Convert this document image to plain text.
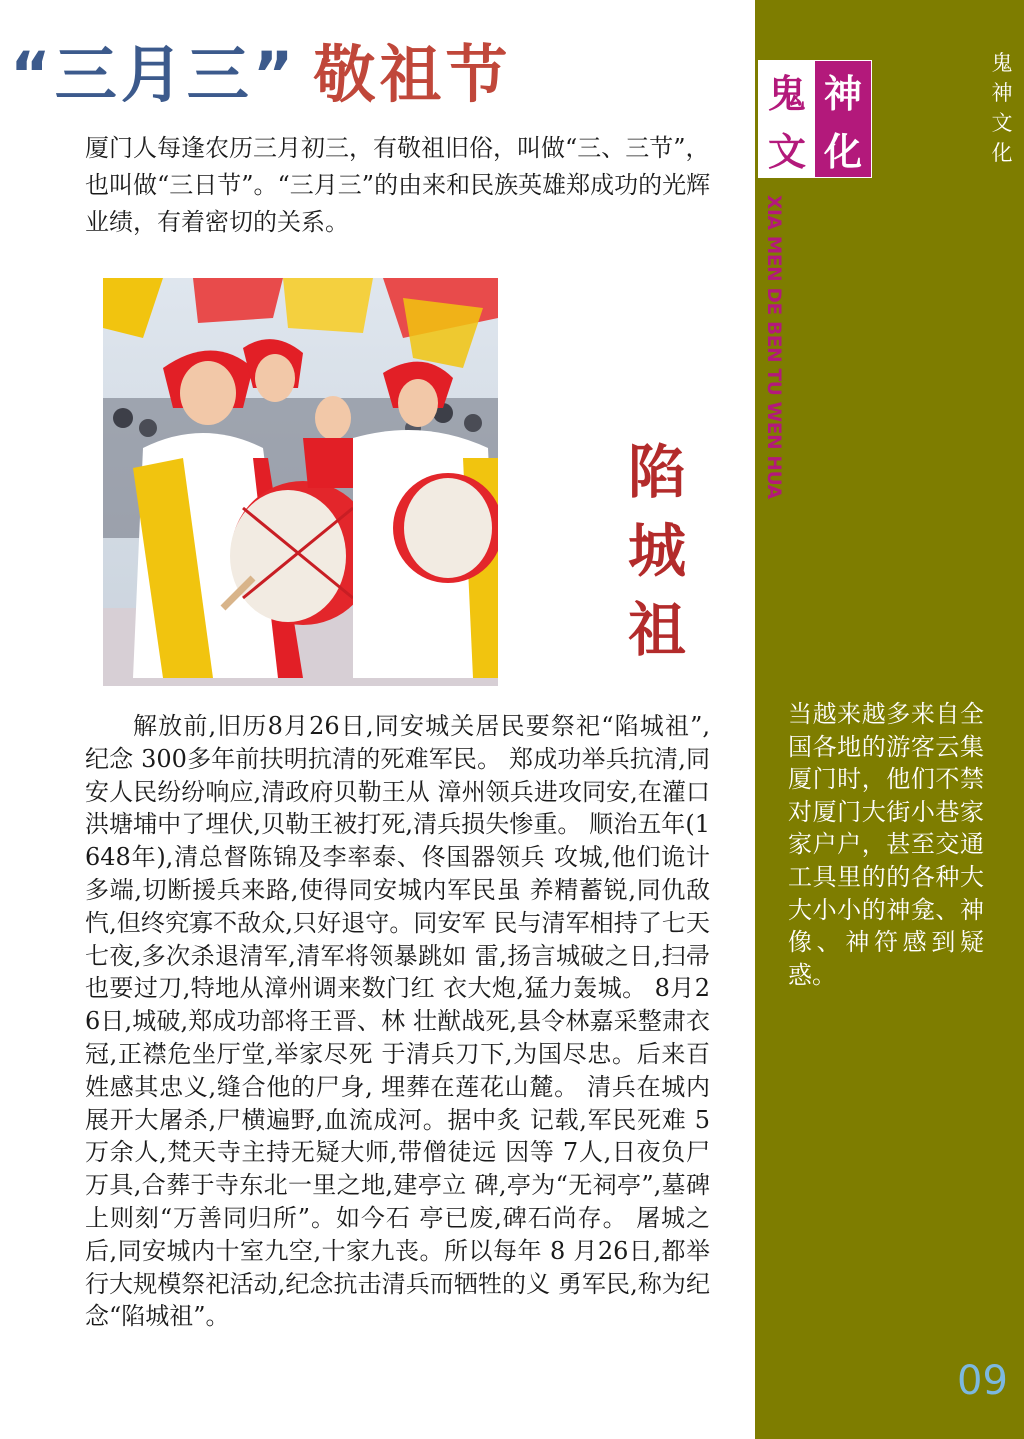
“三月三” 敬祖节

厦门人每逢农历三月初三，有敬祖旧俗，叫做“三、三节”，也叫做“三日节”。“三月三”的由来和民族英雄郑成功的光辉业绩，有着密切的关系。

陷
城
祖

解放前,旧历8月26日,同安城关居民要祭祀“陷城祖”, 纪念 300多年前扶明抗清的死难军民。 郑成功举兵抗清,同安人民纷纷响应,清政府贝勒王从 漳州领兵进攻同安,在灌口洪塘埔中了埋伏,贝勒王被打死,清兵损失惨重。 顺治五年(1648年),清总督陈锦及李率泰、佟国器领兵 攻城,他们诡计多端,切断援兵来路,使得同安城内军民虽 养精蓄锐,同仇敌忾,但终究寡不敌众,只好退守。同安军 民与清军相持了七天七夜,多次杀退清军,清军将领暴跳如 雷,扬言城破之日,扫帚也要过刀,特地从漳州调来数门红 衣大炮,猛力轰城。 8月26日,城破,郑成功部将王晋、林 壮猷战死,县令林嘉采整肃衣冠,正襟危坐厅堂,举家尽死 于清兵刀下,为国尽忠。后来百姓感其忠义,缝合他的尸身, 埋葬在莲花山麓。 清兵在城内展开大屠杀,尸横遍野,血流成河。据中炙 记载,军民死难 5万余人,梵天寺主持无疑大师,带僧徒远 因等 7人,日夜负尸万具,合葬于寺东北一里之地,建亭立 碑,亭为“无祠亭”,墓碑上则刻“万善同归所”。如今石 亭已废,碑石尚存。 屠城之后,同安城内十室九空,十家九丧。所以每年 8 月26日,都举行大规模祭祀活动,纪念抗击清兵而牺牲的义 勇军民,称为纪念“陷城祖”。

鬼
神
文
化
鬼 神
文 化
XIA MEN DE BEN TU WEN HUA

当越来越多来自全国各地的游客云集厦门时，他们不禁对厦门大街小巷家家户户，甚至交通工具里的的各种大大小小的神龛、神像、神符感到疑惑。

09
